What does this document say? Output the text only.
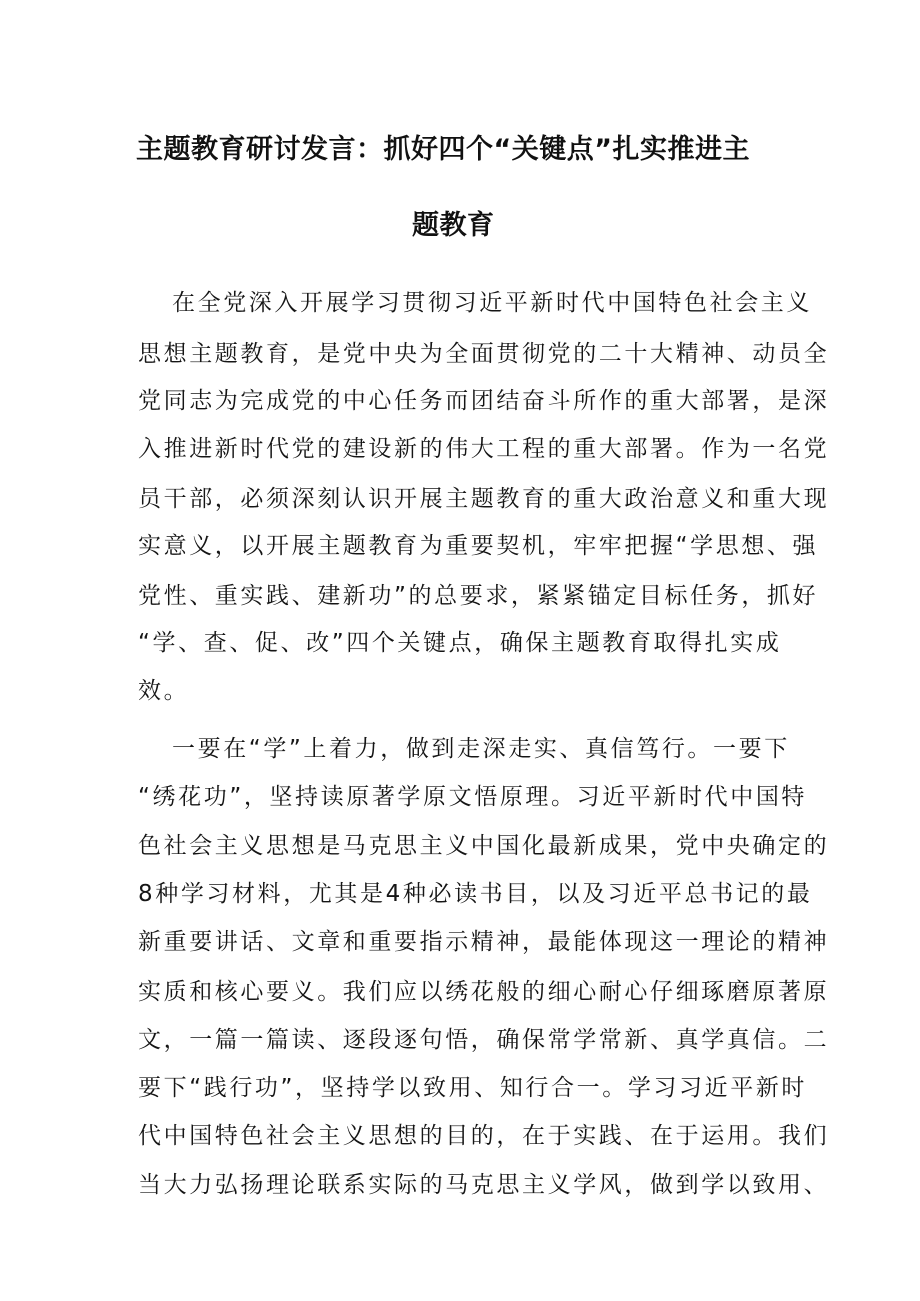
主题教育研讨发言：抓好四个“关键点”扎实推进主
题教育
在全党深入开展学习贯彻习近平新时代中国特色社会主义
思想主题教育，是党中央为全面贯彻党的二十大精神、动员全
党同志为完成党的中心任务而团结奋斗所作的重大部署，是深
入推进新时代党的建设新的伟大工程的重大部署。作为一名党
员干部，必须深刻认识开展主题教育的重大政治意义和重大现
实意义，以开展主题教育为重要契机，牢牢把握“学思想、强
党性、重实践、建新功”的总要求，紧紧锚定目标任务，抓好
“学、查、促、改”四个关键点，确保主题教育取得扎实成
效。
一要在“学”上着力，做到走深走实、真信笃行。一要下
“绣花功”，坚持读原著学原文悟原理。习近平新时代中国特
色社会主义思想是马克思主义中国化最新成果，党中央确定的
8种学习材料，尤其是4种必读书目，以及习近平总书记的最
新重要讲话、文章和重要指示精神，最能体现这一理论的精神
实质和核心要义。我们应以绣花般的细心耐心仔细琢磨原著原
文，一篇一篇读、逐段逐句悟，确保常学常新、真学真信。二
要下“践行功”，坚持学以致用、知行合一。学习习近平新时
代中国特色社会主义思想的目的，在于实践、在于运用。我们
当大力弘扬理论联系实际的马克思主义学风，做到学以致用、
